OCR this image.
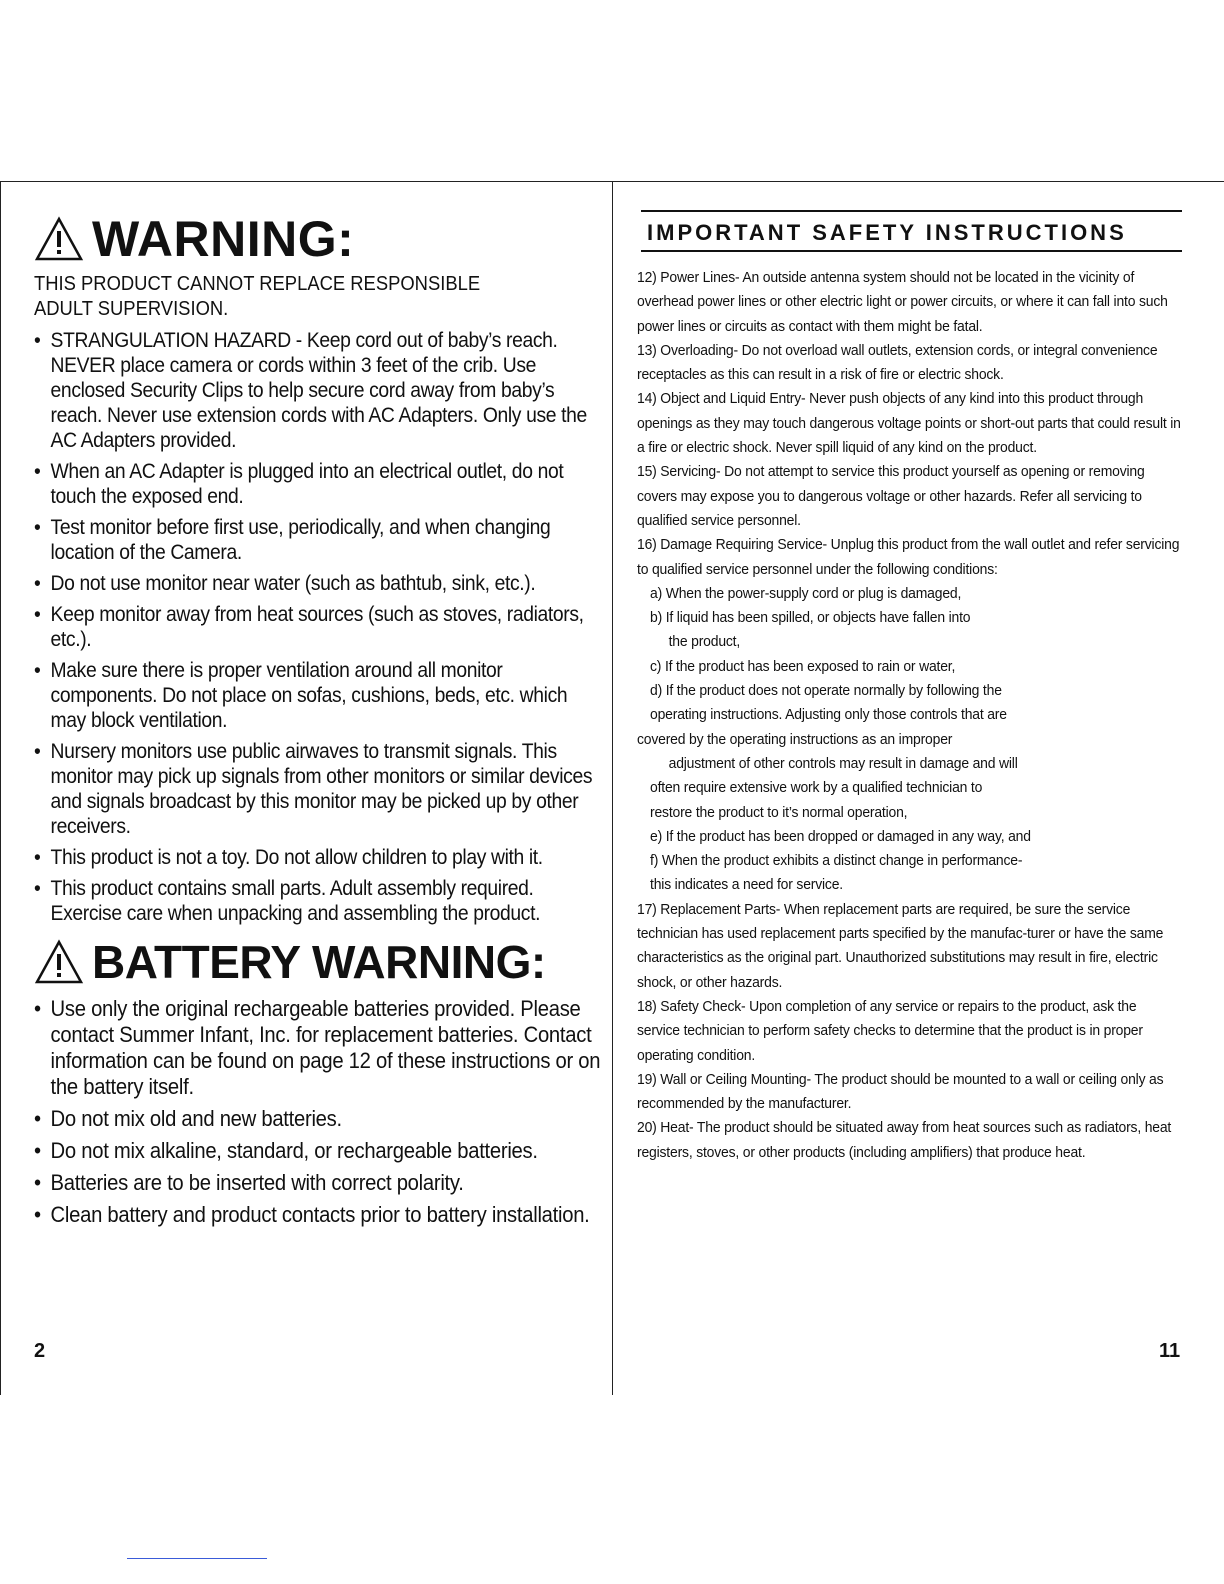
WARNING:
THIS PRODUCT CANNOT REPLACE RESPONSIBLE
ADULT SUPERVISION.
• STRANGULATION HAZARD - Keep cord out of baby’s reach. NEVER place camera or cords within 3 feet of the crib. Use enclosed Security Clips to help secure cord away from baby’s reach. Never use extension cords with AC Adapters. Only use the AC Adapters provided.
• When an AC Adapter is plugged into an electrical outlet, do not touch the exposed end.
• Test monitor before first use, periodically, and when changing location of the Camera.
• Do not use monitor near water (such as bathtub, sink, etc.).
• Keep monitor away from heat sources (such as stoves, radiators, etc.).
• Make sure there is proper ventilation around all monitor components. Do not place on sofas, cushions, beds, etc. which may block ventilation.
• Nursery monitors use public airwaves to transmit signals. This monitor may pick up signals from other monitors or similar devices and signals broadcast by this monitor may be picked up by other receivers.
• This product is not a toy. Do not allow children to play with it.
• This product contains small parts. Adult assembly required. Exercise care when unpacking and assembling the product.
BATTERY WARNING:
• Use only the original rechargeable batteries provided. Please contact Summer Infant, Inc. for replacement batteries. Contact information can be found on page 12 of these instructions or on the battery itself.
• Do not mix old and new batteries.
• Do not mix alkaline, standard, or rechargeable batteries.
• Batteries are to be inserted with correct polarity.
• Clean battery and product contacts prior to battery installation.
2
IMPORTANT SAFETY INSTRUCTIONS

12) Power Lines- An outside antenna system should not be located in the vicinity of overhead power lines or other electric light or power circuits, or where it can fall into such power lines or circuits as contact with them might be fatal.

13) Overloading- Do not overload wall outlets, extension cords, or integral convenience receptacles as this can result in a risk of fire or electric shock.

14) Object and Liquid Entry- Never push objects of any kind into this product through openings as they may touch dangerous voltage points or short-out parts that could result in a fire or electric shock. Never spill liquid of any kind on the product.

15) Servicing- Do not attempt to service this product yourself as opening or removing covers may expose you to dangerous voltage or other hazards. Refer all servicing to qualified service personnel.

16) Damage Requiring Service- Unplug this product from the wall outlet and refer servicing to qualified service personnel under the following conditions:

a) When the power-supply cord or plug is damaged,

b) If liquid has been spilled, or objects have fallen into

the product,

c) If the product has been exposed to rain or water,

d) If the product does not operate normally by following the

operating instructions. Adjusting only those controls that are

covered by the operating instructions as an improper

adjustment of other controls may result in damage and will

often require extensive work by a qualified technician to

restore the product to it’s normal operation,

e) If the product has been dropped or damaged in any way, and

f) When the product exhibits a distinct change in performance-

this indicates a need for service.

17) Replacement Parts- When replacement parts are required, be sure the service technician has used replacement parts specified by the manufac-turer or have the same characteristics as the original part. Unauthorized substitutions may result in fire, electric shock, or other hazards.

18) Safety Check- Upon completion of any service or repairs to the product, ask the service technician to perform safety checks to determine that the product is in proper operating condition.

19) Wall or Ceiling Mounting- The product should be mounted to a wall or ceiling only as recommended by the manufacturer.

20) Heat- The product should be situated away from heat sources such as radiators, heat registers, stoves, or other products (including amplifiers) that produce heat.

11
